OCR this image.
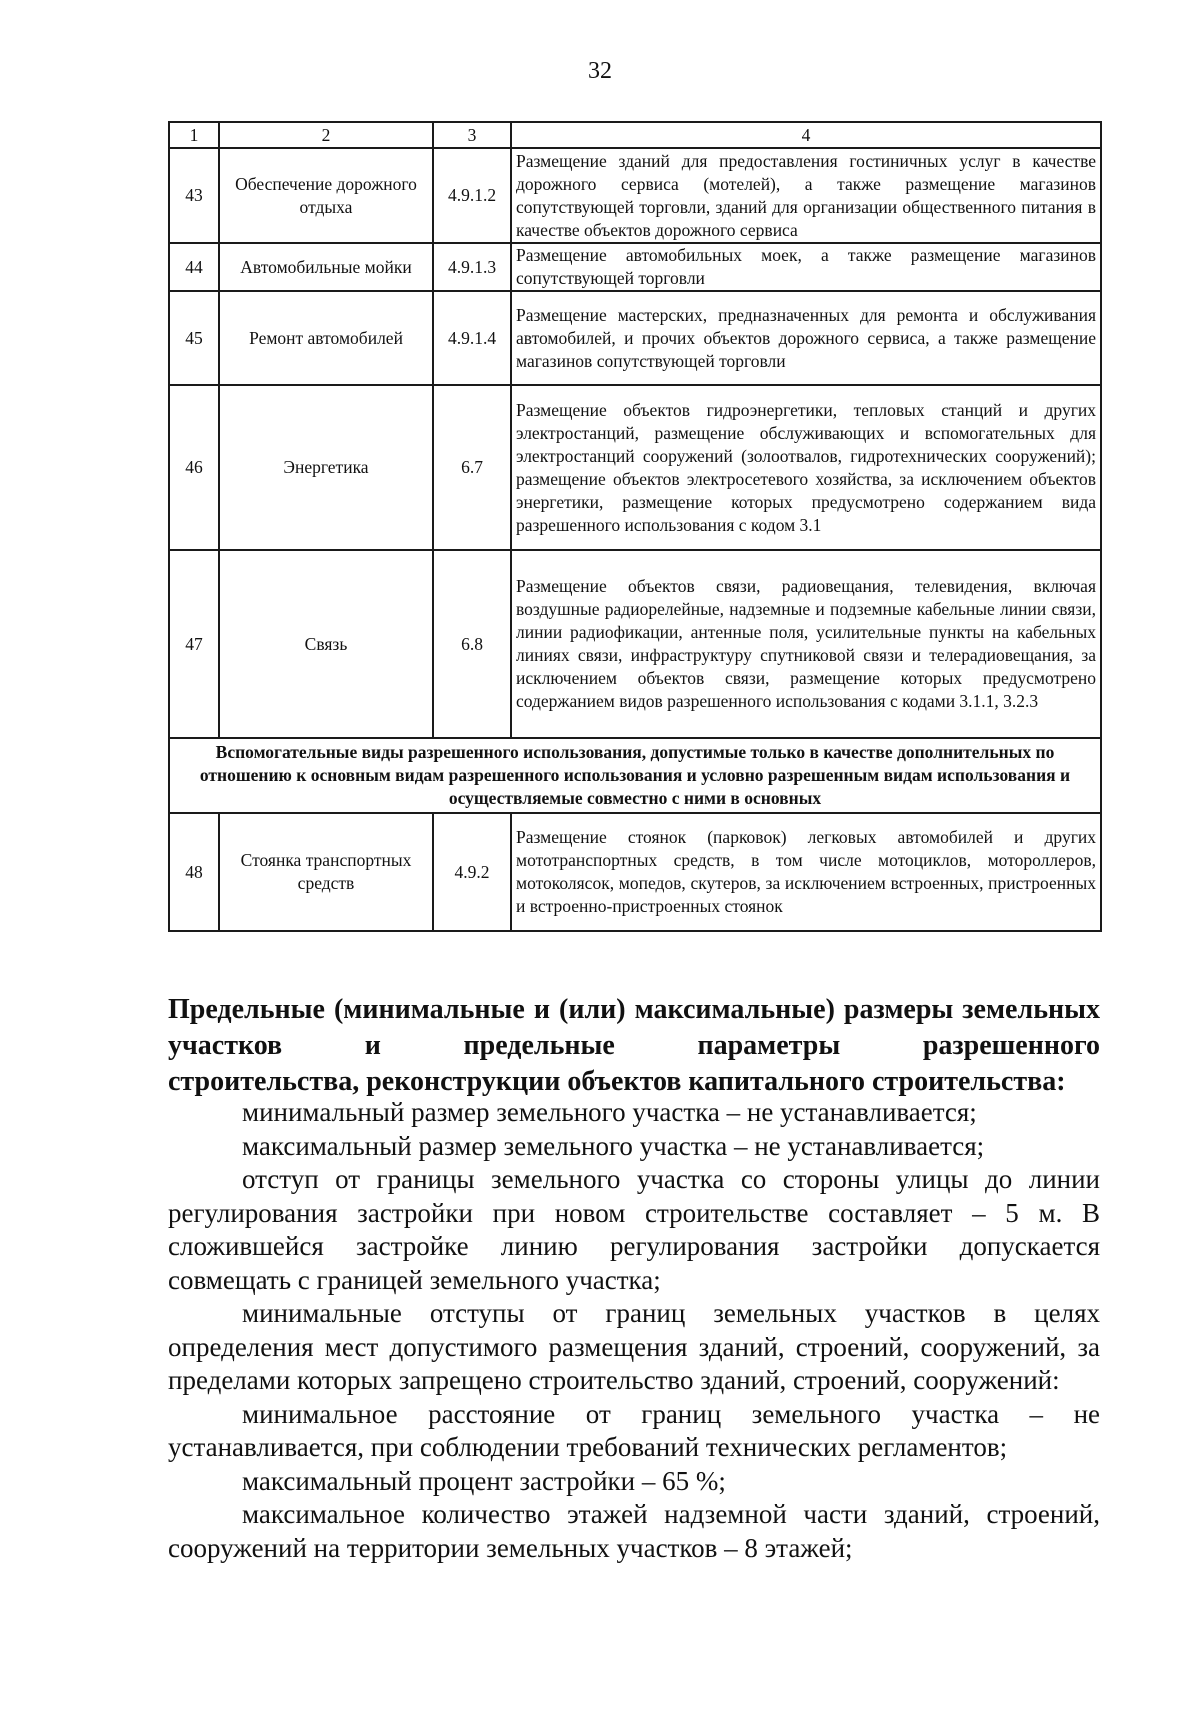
32
1	2	3	4
43	Обеспечение дорожного отдыха	4.9.1.2	Размещение зданий для предоставления гостиничных услуг в качестве дорожного сервиса (мотелей), а также размещение магазинов сопутствующей торговли, зданий для организации общественного питания в качестве объектов дорожного сервиса
44	Автомобильные мойки	4.9.1.3	Размещение автомобильных моек, а также размещение магазинов сопутствующей торговли
45	Ремонт автомобилей	4.9.1.4	Размещение мастерских, предназначенных для ремонта и обслуживания автомобилей, и прочих объектов дорожного сервиса, а также размещение магазинов сопутствующей торговли
46	Энергетика	6.7	Размещение объектов гидроэнергетики, тепловых станций и других электростанций, размещение обслуживающих и вспомогательных для электростанций сооружений (золоотвалов, гидротехнических сооружений); размещение объектов электросетевого хозяйства, за исключением объектов энергетики, размещение которых предусмотрено содержанием вида разрешенного использования с кодом 3.1
47	Связь	6.8	Размещение объектов связи, радиовещания, телевидения, включая воздушные радиорелейные, надземные и подземные кабельные линии связи, линии радиофикации, антенные поля, усилительные пункты на кабельных линиях связи, инфраструктуру спутниковой связи и телерадиовещания, за исключением объектов связи, размещение которых предусмотрено содержанием видов разрешенного использования с кодами 3.1.1, 3.2.3
Вспомогательные виды разрешенного использования, допустимые только в качестве дополнительных по отношению к основным видам разрешенного использования и условно разрешенным видам использования и осуществляемые совместно с ними в основных			
48	Стоянка транспортных средств	4.9.2	Размещение стоянок (парковок) легковых автомобилей и других мототранспортных средств, в том числе мотоциклов, мотороллеров, мотоколясок, мопедов, скутеров, за исключением встроенных, пристроенных и встроенно-пристроенных стоянок
Предельные (минимальные и (или) максимальные) размеры земельных участков и предельные параметры разрешенного
строительства, реконструкции объектов капитального строительства:

минимальный размер земельного участка – не устанавливается;

максимальный размер земельного участка – не устанавливается;

отступ от границы земельного участка со стороны улицы до линии регулирования застройки при новом строительстве составляет – 5 м. В сложившейся застройке линию регулирования застройки допускается совмещать с границей земельного участка;

минимальные отступы от границ земельных участков в целях определения мест допустимого размещения зданий, строений, сооружений, за пределами которых запрещено строительство зданий, строений, сооружений:

минимальное расстояние от границ земельного участка – не устанавливается, при соблюдении требований технических регламентов;

максимальный процент застройки – 65 %;

максимальное количество этажей надземной части зданий, строений, сооружений на территории земельных участков – 8 этажей;
